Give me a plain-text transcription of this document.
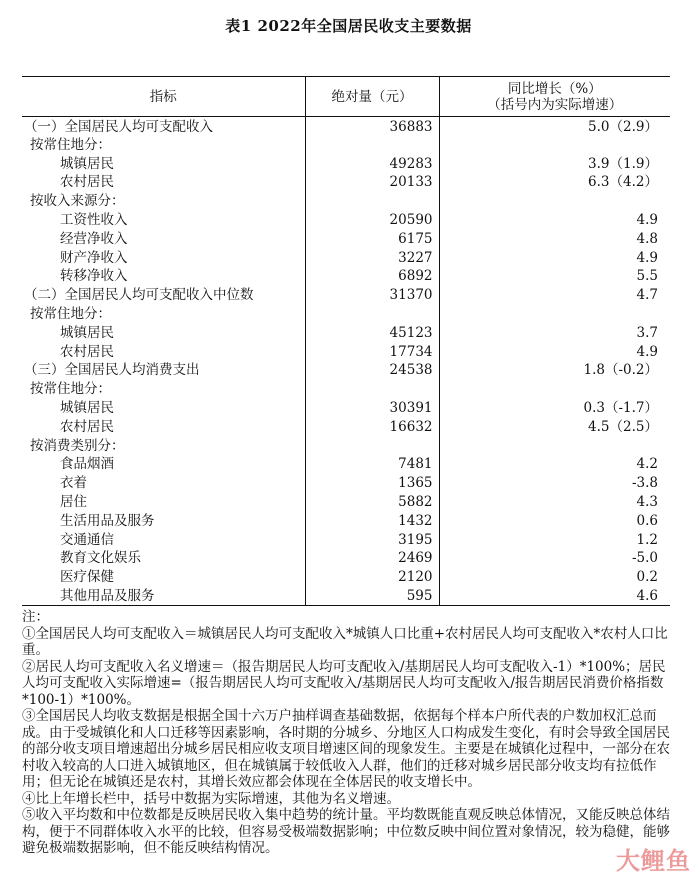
表1 2022年全国居民收支主要数据
指标	绝对量（元）	同比增长（%）
（括号内为实际增速）
（一）全国居民人均可支配收入	36883	5.0（2.9）
按常住地分：		
城镇居民	49283	3.9（1.9）
农村居民	20133	6.3（4.2）
按收入来源分：		
工资性收入	20590	4.9
经营净收入	6175	4.8
财产净收入	3227	4.9
转移净收入	6892	5.5
（二）全国居民人均可支配收入中位数	31370	4.7
按常住地分：		
城镇居民	45123	3.7
农村居民	17734	4.9
（三）全国居民人均消费支出	24538	1.8（-0.2）
按常住地分：		
城镇居民	30391	0.3（-1.7）
农村居民	16632	4.5（2.5）
按消费类别分：		
食品烟酒	7481	4.2
衣着	1365	-3.8
居住	5882	4.3
生活用品及服务	1432	0.6
交通通信	3195	1.2
教育文化娱乐	2469	-5.0
医疗保健	2120	0.2
其他用品及服务	595	4.6

注：

①全国居民人均可支配收入＝城镇居民人均可支配收入*城镇人口比重+农村居民人均可支配收入*农村人口比重。

②居民人均可支配收入名义增速＝（报告期居民人均可支配收入/基期居民人均可支配收入-1）*100%；居民人均可支配收入实际增速=（报告期居民人均可支配收入/基期居民人均可支配收入/报告期居民消费价格指数*100-1）*100%。

③全国居民人均收支数据是根据全国十六万户抽样调查基础数据，依据每个样本户所代表的户数加权汇总而成。由于受城镇化和人口迁移等因素影响，各时期的分城乡、分地区人口构成发生变化，有时会导致全国居民的部分收支项目增速超出分城乡居民相应收支项目增速区间的现象发生。主要是在城镇化过程中，一部分在农村收入较高的人口进入城镇地区，但在城镇属于较低收入人群，他们的迁移对城乡居民部分收支均有拉低作用；但无论在城镇还是农村，其增长效应都会体现在全体居民的收支增长中。

④比上年增长栏中，括号中数据为实际增速，其他为名义增速。

⑤收入平均数和中位数都是反映居民收入集中趋势的统计量。平均数既能直观反映总体情况，又能反映总体结构，便于不同群体收入水平的比较，但容易受极端数据影响；中位数反映中间位置对象情况，较为稳健，能够避免极端数据影响，但不能反映结构情况。	大鲤鱼
